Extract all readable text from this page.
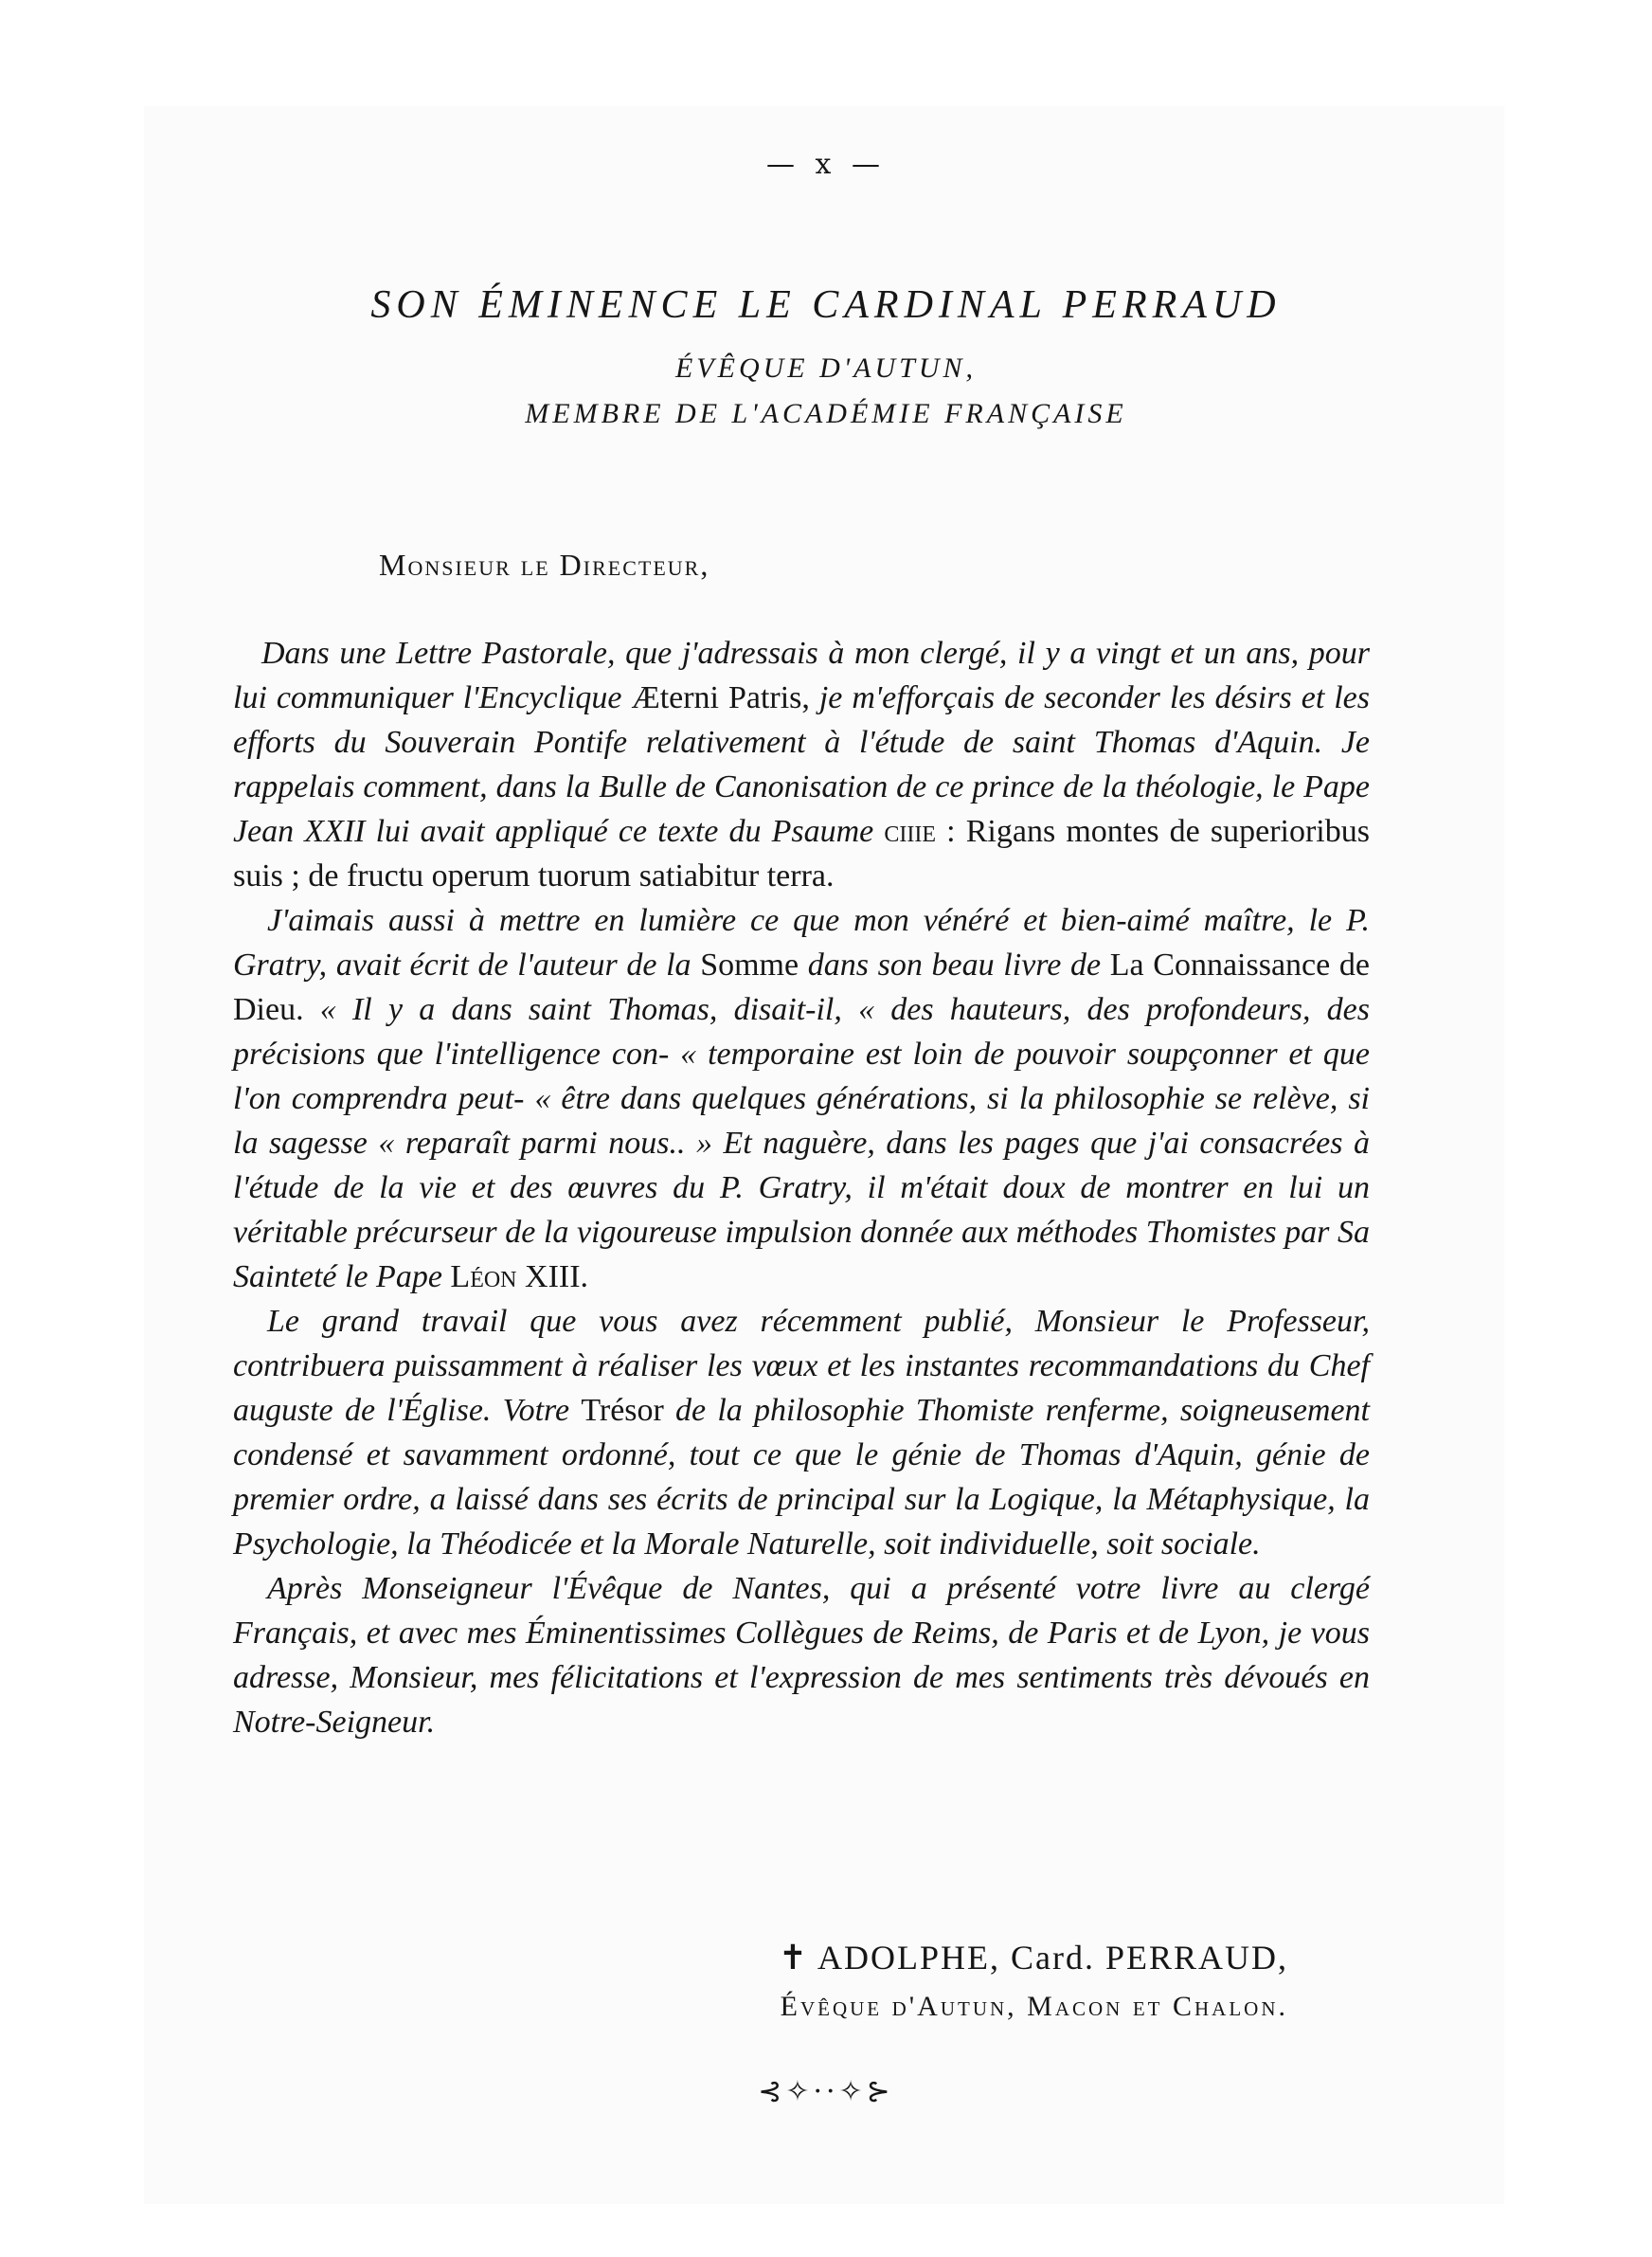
— x —
SON ÉMINENCE LE CARDINAL PERRAUD
ÉVÊQUE D'AUTUN,
MEMBRE DE L'ACADÉMIE FRANÇAISE
Monsieur le Directeur,

Dans une Lettre Pastorale, que j'adressais à mon clergé, il y a vingt et un ans, pour lui communiquer l'Encyclique Æterni Patris, je m'efforçais de seconder les désirs et les efforts du Souverain Pontife relativement à l'étude de saint Thomas d'Aquin. Je rappelais comment, dans la Bulle de Canonisation de ce prince de la théologie, le Pape Jean XXII lui avait appliqué ce texte du Psaume ciiie : Rigans montes de superioribus suis ; de fructu operum tuorum satiabitur terra.

J'aimais aussi à mettre en lumière ce que mon vénéré et bien-aimé maître, le P. Gratry, avait écrit de l'auteur de la Somme dans son beau livre de La Connaissance de Dieu. « Il y a dans saint Thomas, disait-il, « des hauteurs, des profondeurs, des précisions que l'intelligence con- « temporaine est loin de pouvoir soupçonner et que l'on comprendra peut- « être dans quelques générations, si la philosophie se relève, si la sagesse « reparaît parmi nous.. » Et naguère, dans les pages que j'ai consacrées à l'étude de la vie et des œuvres du P. Gratry, il m'était doux de montrer en lui un véritable précurseur de la vigoureuse impulsion donnée aux méthodes Thomistes par Sa Sainteté le Pape Léon XIII.

Le grand travail que vous avez récemment publié, Monsieur le Professeur, contribuera puissamment à réaliser les vœux et les instantes recommandations du Chef auguste de l'Église. Votre Trésor de la philosophie Thomiste renferme, soigneusement condensé et savamment ordonné, tout ce que le génie de Thomas d'Aquin, génie de premier ordre, a laissé dans ses écrits de principal sur la Logique, la Métaphysique, la Psychologie, la Théodicée et la Morale Naturelle, soit individuelle, soit sociale.

Après Monseigneur l'Évêque de Nantes, qui a présenté votre livre au clergé Français, et avec mes Éminentissimes Collègues de Reims, de Paris et de Lyon, je vous adresse, Monsieur, mes félicitations et l'expression de mes sentiments très dévoués en Notre-Seigneur.

✝ ADOLPHE, Card. PERRAUD,
Évêque d'Autun, Macon et Chalon.
⊰✧··✧⊱
